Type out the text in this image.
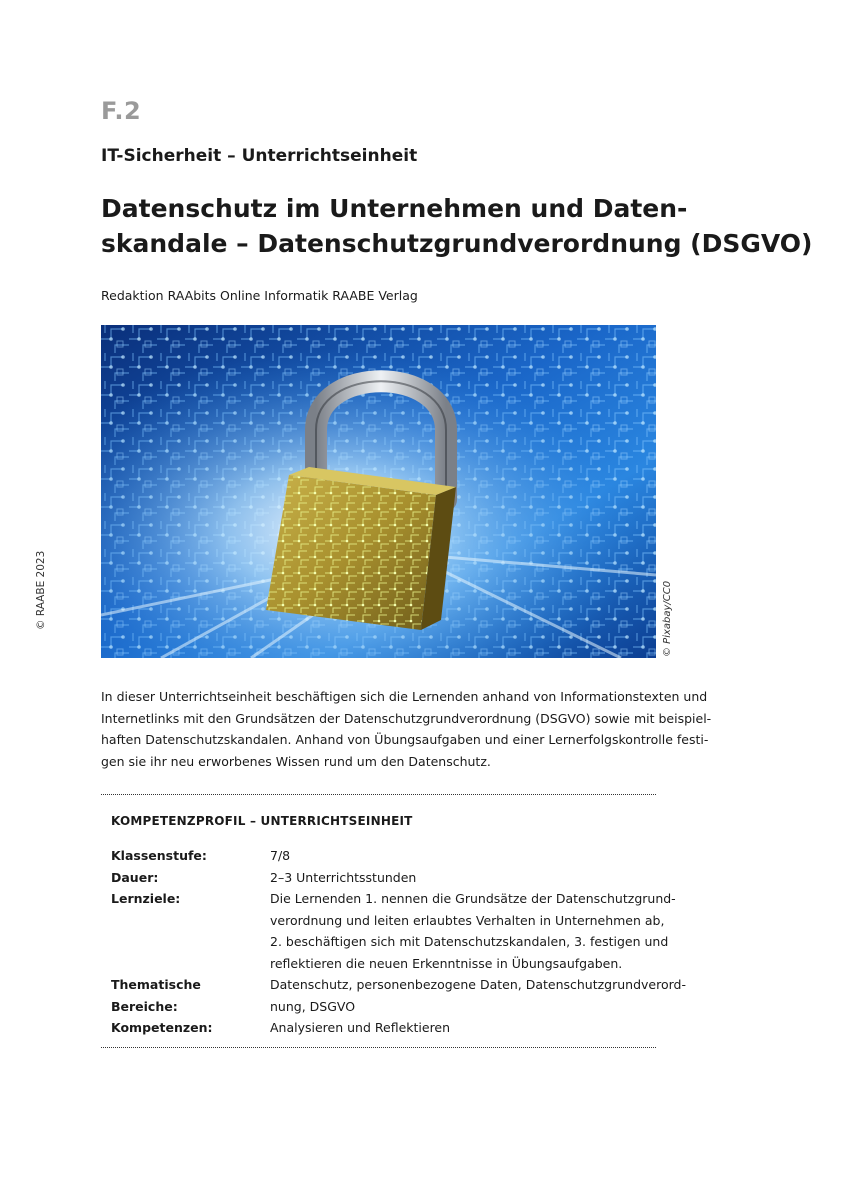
F.2
IT-Sicherheit – Unterrichtseinheit
Datenschutz im Unternehmen und Daten-
skandale – Datenschutzgrundverordnung (DSGVO)
Redaktion RAAbits Online Informatik RAABE Verlag
© RAABE 2023	© Pixabay/CC0
In dieser Unterrichtseinheit beschäftigen sich die Lernenden anhand von Informationstexten und
Internetlinks mit den Grundsätzen der Datenschutzgrundverordnung (DSGVO) sowie mit beispiel-
haften Datenschutzskandalen. Anhand von Übungsaufgaben und einer Lernerfolgskontrolle festi-
gen sie ihr neu erworbenes Wissen rund um den Datenschutz.
KOMPETENZPROFIL – UNTERRICHTSEINHEIT
Klassenstufe:	7/8
Dauer:	2–3 Unterrichtsstunden
Lernziele:	Die Lernenden 1. nennen die Grundsätze der Datenschutzgrund-
verordnung und leiten erlaubtes Verhalten in Unternehmen ab,
2. beschäftigen sich mit Datenschutzskandalen, 3. festigen und
reflektieren die neuen Erkenntnisse in Übungsaufgaben.
Thematische Bereiche:
Datenschutz, personenbezogene Daten, Datenschutzgrundverord-
nung, DSGVO
Kompetenzen:	Analysieren und Reflektieren
